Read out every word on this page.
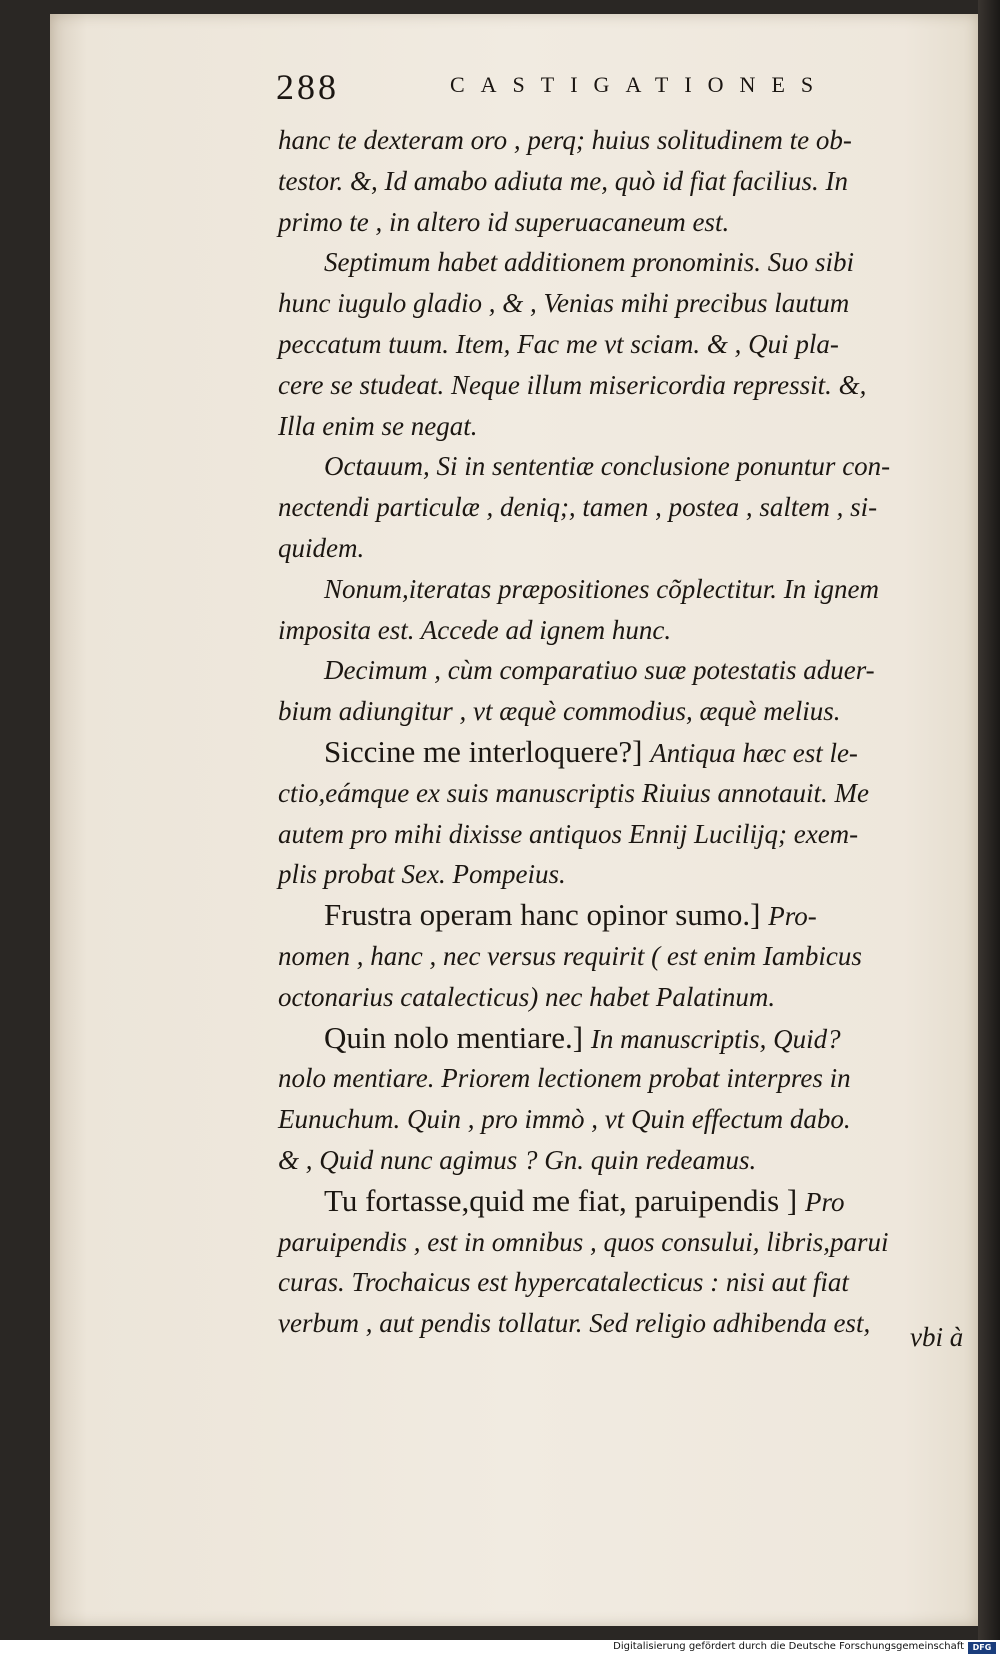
288	CASTIGATIONES
hanc te dexteram oro , perq; huius solitudinem te ob-
testor. &, Id amabo adiuta me, quò id fiat facilius. In
primo te , in altero id superuacaneum est.
Septimum habet additionem pronominis. Suo sibi
hunc iugulo gladio , & , Venias mihi precibus lautum
peccatum tuum. Item, Fac me vt sciam. & , Qui pla-
cere se studeat. Neque illum misericordia repressit. &,
Illa enim se negat.
Octauum, Si in sententiæ conclusione ponuntur con-
nectendi particulæ , deniq;, tamen , postea , saltem , si-
quidem.
Nonum,iteratas præpositiones cõplectitur. In ignem
imposita est. Accede ad ignem hunc.
Decimum , cùm comparatiuo suæ potestatis aduer-
bium adiungitur , vt æquè commodius, æquè melius.
Siccine me interloquere?] Antiqua hæc est le-
ctio,eámque ex suis manuscriptis Riuius annotauit. Me
autem pro mihi dixisse antiquos Ennij Lucilijq; exem-
plis probat Sex. Pompeius.
Frustra operam hanc opinor sumo.] Pro-
nomen , hanc , nec versus requirit ( est enim Iambicus
octonarius catalecticus) nec habet Palatinum.
Quin nolo mentiare.] In manuscriptis, Quid?
nolo mentiare. Priorem lectionem probat interpres in
Eunuchum. Quin , pro immò , vt Quin effectum dabo.
& , Quid nunc agimus ? Gn. quin redeamus.
Tu fortasse,quid me fiat, paruipendis ] Pro
paruipendis , est in omnibus , quos consului, libris,parui
curas. Trochaicus est hypercatalecticus : nisi aut fiat
verbum , aut pendis tollatur. Sed religio adhibenda est,	vbi à
Digitalisierung gefördert durch die Deutsche Forschungsgemeinschaft	DFG
